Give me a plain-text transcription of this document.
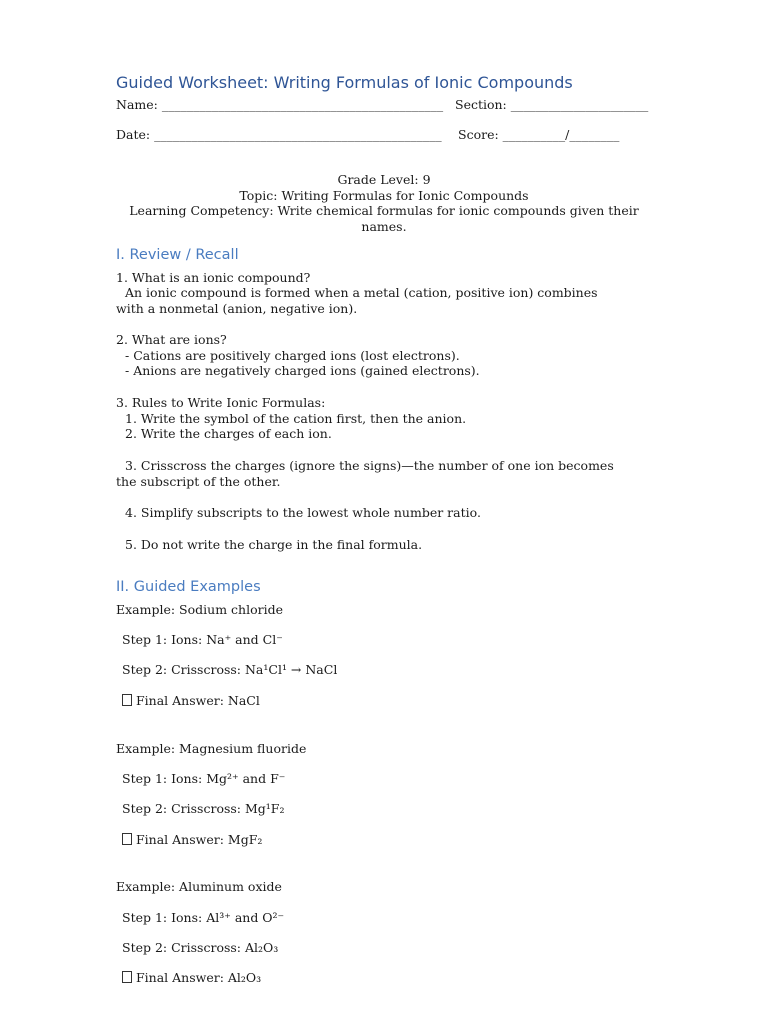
Guided Worksheet: Writing Formulas of Ionic Compounds
Name: _____________________________________________ Section: ______________________
Date: ______________________________________________ Score: __________/________
Grade Level: 9
Topic: Writing Formulas for Ionic Compounds
Learning Competency: Write chemical formulas for ionic compounds given their names.
I. Review / Recall
1. What is an ionic compound?
An ionic compound is formed when a metal (cation, positive ion) combines with a nonmetal (anion, negative ion).
2. What are ions?
- Cations are positively charged ions (lost electrons).
- Anions are negatively charged ions (gained electrons).
3. Rules to Write Ionic Formulas:
1. Write the symbol of the cation first, then the anion.
2. Write the charges of each ion.
3. Crisscross the charges (ignore the signs)—the number of one ion becomes the subscript of the other.
4. Simplify subscripts to the lowest whole number ratio.
5. Do not write the charge in the final formula.
II. Guided Examples
Example: Sodium chloride
Step 1: Ions: Na⁺ and Cl⁻
Step 2: Crisscross: Na¹Cl¹ → NaCl
Final Answer: NaCl
Example: Magnesium fluoride
Step 1: Ions: Mg²⁺ and F⁻
Step 2: Crisscross: Mg¹F₂
Final Answer: MgF₂
Example: Aluminum oxide
Step 1: Ions: Al³⁺ and O²⁻
Step 2: Crisscross: Al₂O₃
Final Answer: Al₂O₃
